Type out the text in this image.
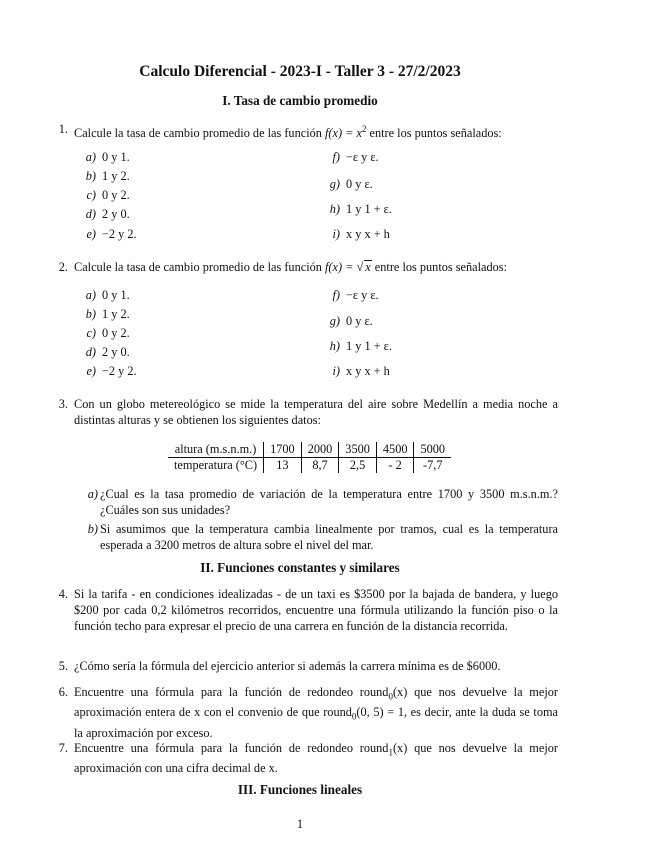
Calculo Diferencial - 2023-I - Taller 3 - 27/2/2023
I. Tasa de cambio promedio
1. Calcule la tasa de cambio promedio de las función $f(x) = x^2$ entre los puntos señalados:
a) 0 y 1.
b) 1 y 2.
c) 0 y 2.
d) 2 y 0.
e) −2 y 2.
f) −ε y ε.
g) 0 y ε.
h) 1 y 1 + ε.
i) x y x + h
2. Calcule la tasa de cambio promedio de las función f(x) = √ x entre los puntos señalados:
a) 0 y 1.
b) 1 y 2.
c) 0 y 2.
d) 2 y 0.
e) −2 y 2.
f) −ε y ε.
g) 0 y ε.
h) 1 y 1 + ε.
i) x y x + h
3. Con un globo metereológico se mide la temperatura del aire sobre Medellín a media noche a distintas alturas y se obtienen los siguientes datos:
altura (m.s.n.m.)	1700	2000	3500	4500	5000
temperatura (°C)	13	8,7	2,5	- 2	-7,7
a) ¿Cual es la tasa promedio de variación de la temperatura entre 1700 y 3500 m.s.n.m.? ¿Cuáles son sus unidades?
b) Si asumimos que la temperatura cambia linealmente por tramos, cual es la temperatura esperada a 3200 metros de altura sobre el nivel del mar.
II. Funciones constantes y similares
4. Si la tarifa - en condiciones idealizadas - de un taxi es $3500 por la bajada de bandera, y luego $200 por cada 0,2 kilómetros recorridos, encuentre una fórmula utilizando la función piso o la función techo para expresar el precio de una carrera en función de la distancia recorrida.
5. ¿Cómo sería la fórmula del ejercicio anterior si además la carrera mínima es de $6000.
6. Encuentre una fórmula para la función de redondeo round$_0$(x) que nos devuelve la mejor aproximación entera de x con el convenio de que round$_0$(0, 5) = 1, es decir, ante la duda se toma la aproximación por exceso.
7. Encuentre una fórmula para la función de redondeo round$_1$(x) que nos devuelve la mejor aproximación con una cifra decimal de x.
III. Funciones lineales
1
